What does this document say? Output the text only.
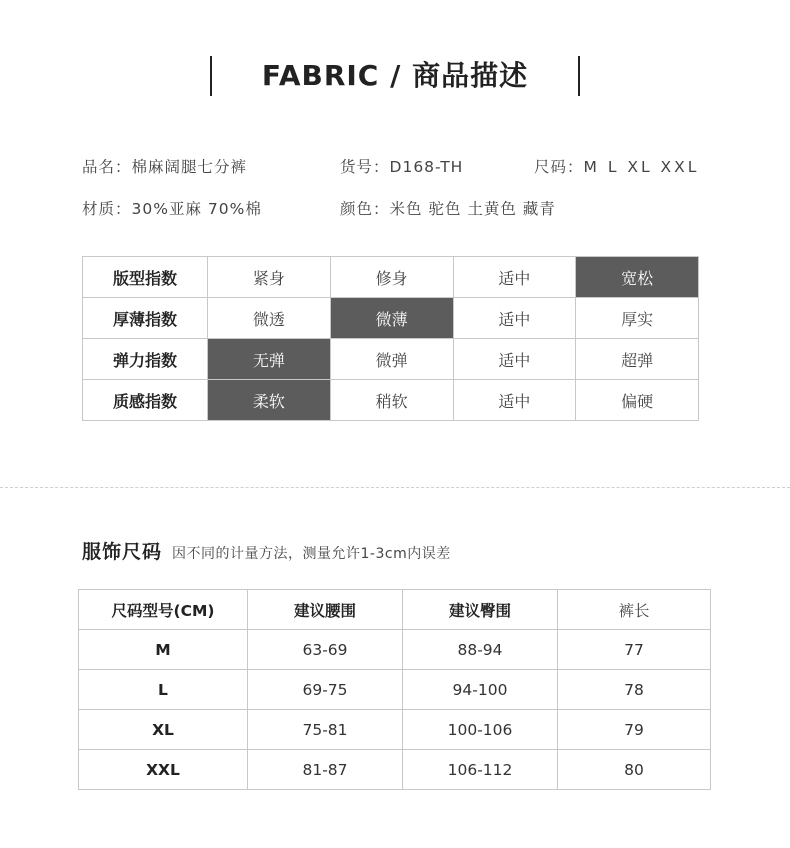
FABRIC / 商品描述
品名：棉麻阔腿七分裤	货号：D168-TH	尺码：M L XL XXL
材质：30%亚麻 70%棉	颜色：米色 驼色 土黄色 藏青
版型指数	紧身	修身	适中	宽松
厚薄指数	微透	微薄	适中	厚实
弹力指数	无弹	微弹	适中	超弹
质感指数	柔软	稍软	适中	偏硬
服饰尺码 因不同的计量方法，测量允许1-3cm内误差
尺码型号(CM)	建议腰围	建议臀围	裤长
M	63-69	88-94	77
L	69-75	94-100	78
XL	75-81	100-106	79
XXL	81-87	106-112	80
